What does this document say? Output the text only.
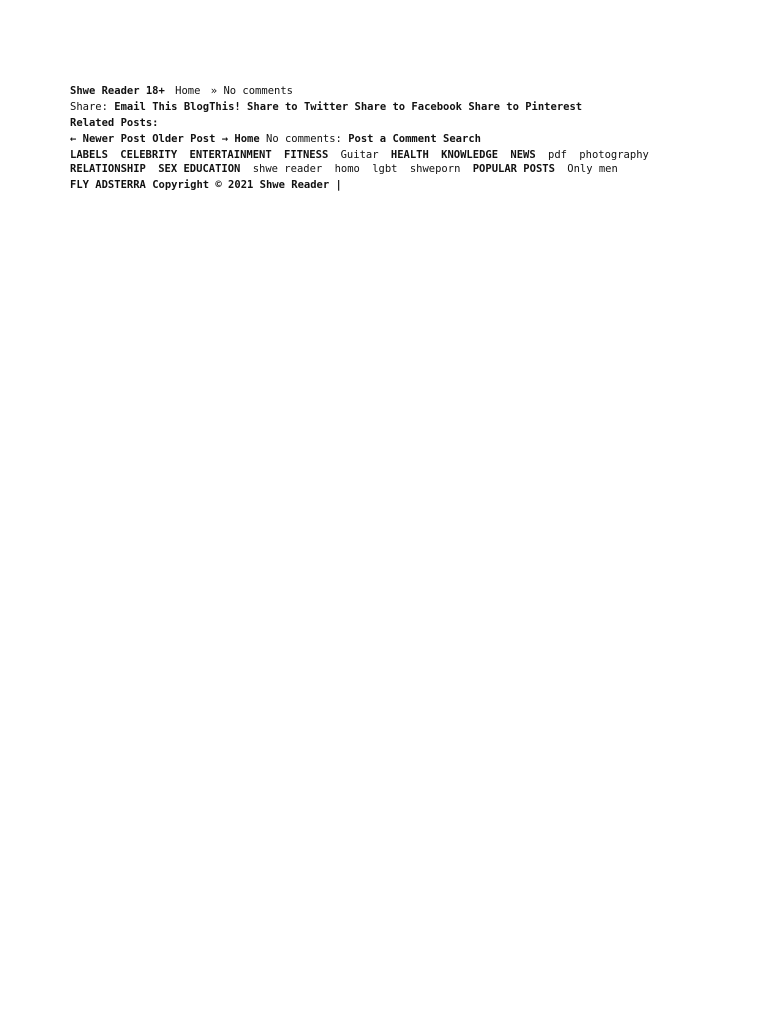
Shwe Reader 18+ Home » No comments

Share: Email This BlogThis! Share to Twitter Share to Facebook Share to Pinterest
Related Posts:
← Newer Post Older Post → Home No comments: Post a Comment Search
LABELS CELEBRITY ENTERTAINMENT FITNESS Guitar HEALTH KNOWLEDGE NEWS pdf photography RELATIONSHIP SEX EDUCATION shwe reader homo lgbt shweporn POPULAR POSTS Only men
FLY ADSTERRA Copyright © 2021 Shwe Reader |
